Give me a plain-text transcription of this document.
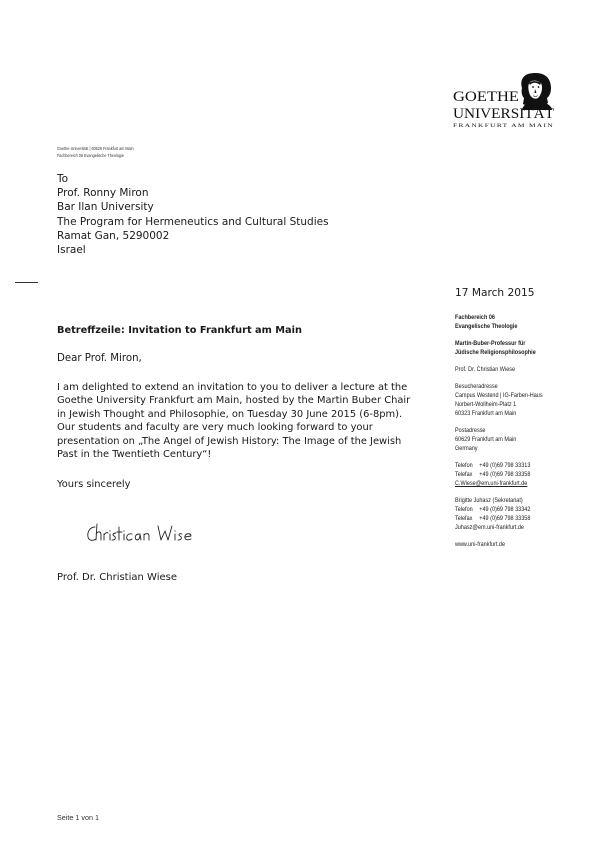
GOETHE
UNIVERSITÄT
FRANKFURT AM MAIN
Goethe-Universität | 60629 Frankfurt am Main
Fachbereich 06 Evangelische Theologie
To
Prof. Ronny Miron
Bar Ilan University
The Program for Hermeneutics and Cultural Studies
Ramat Gan, 5290002
Israel
17 March 2015
Betreffzeile: Invitation to Frankfurt am Main
Dear Prof. Miron,
I am delighted to extend an invitation to you to deliver a lecture at the
Goethe University Frankfurt am Main, hosted by the Martin Buber Chair
in Jewish Thought and Philosophie, on Tuesday 30 June 2015 (6-8pm).
Our students and faculty are very much looking forward to your
presentation on „The Angel of Jewish History: The Image of the Jewish
Past in the Twentieth Century“!
Yours sincerely
Prof. Dr. Christian Wiese
Seite 1 von 1
Fachbereich 06
Evangelische Theologie
Martin-Buber-Professur für
Jüdische Religionsphilosophie
Prof. Dr. Christian Wiese
Besucheradresse
Campus Westend | IG-Farben-Haus
Norbert-Wollheim-Platz 1
60323 Frankfurt am Main
Postadresse
60629 Frankfurt am Main
Germany
Telefon +49 (0)69 798 33313
Telefax +49 (0)69 798 33358
C.Wiese@em.uni-frankfurt.de
Brigitte Juhasz (Sekretariat)
Telefon +49 (0)69 798 33342
Telefax +49 (0)69 798 33358
Juhasz@em.uni-frankfurt.de
www.uni-frankfurt.de
